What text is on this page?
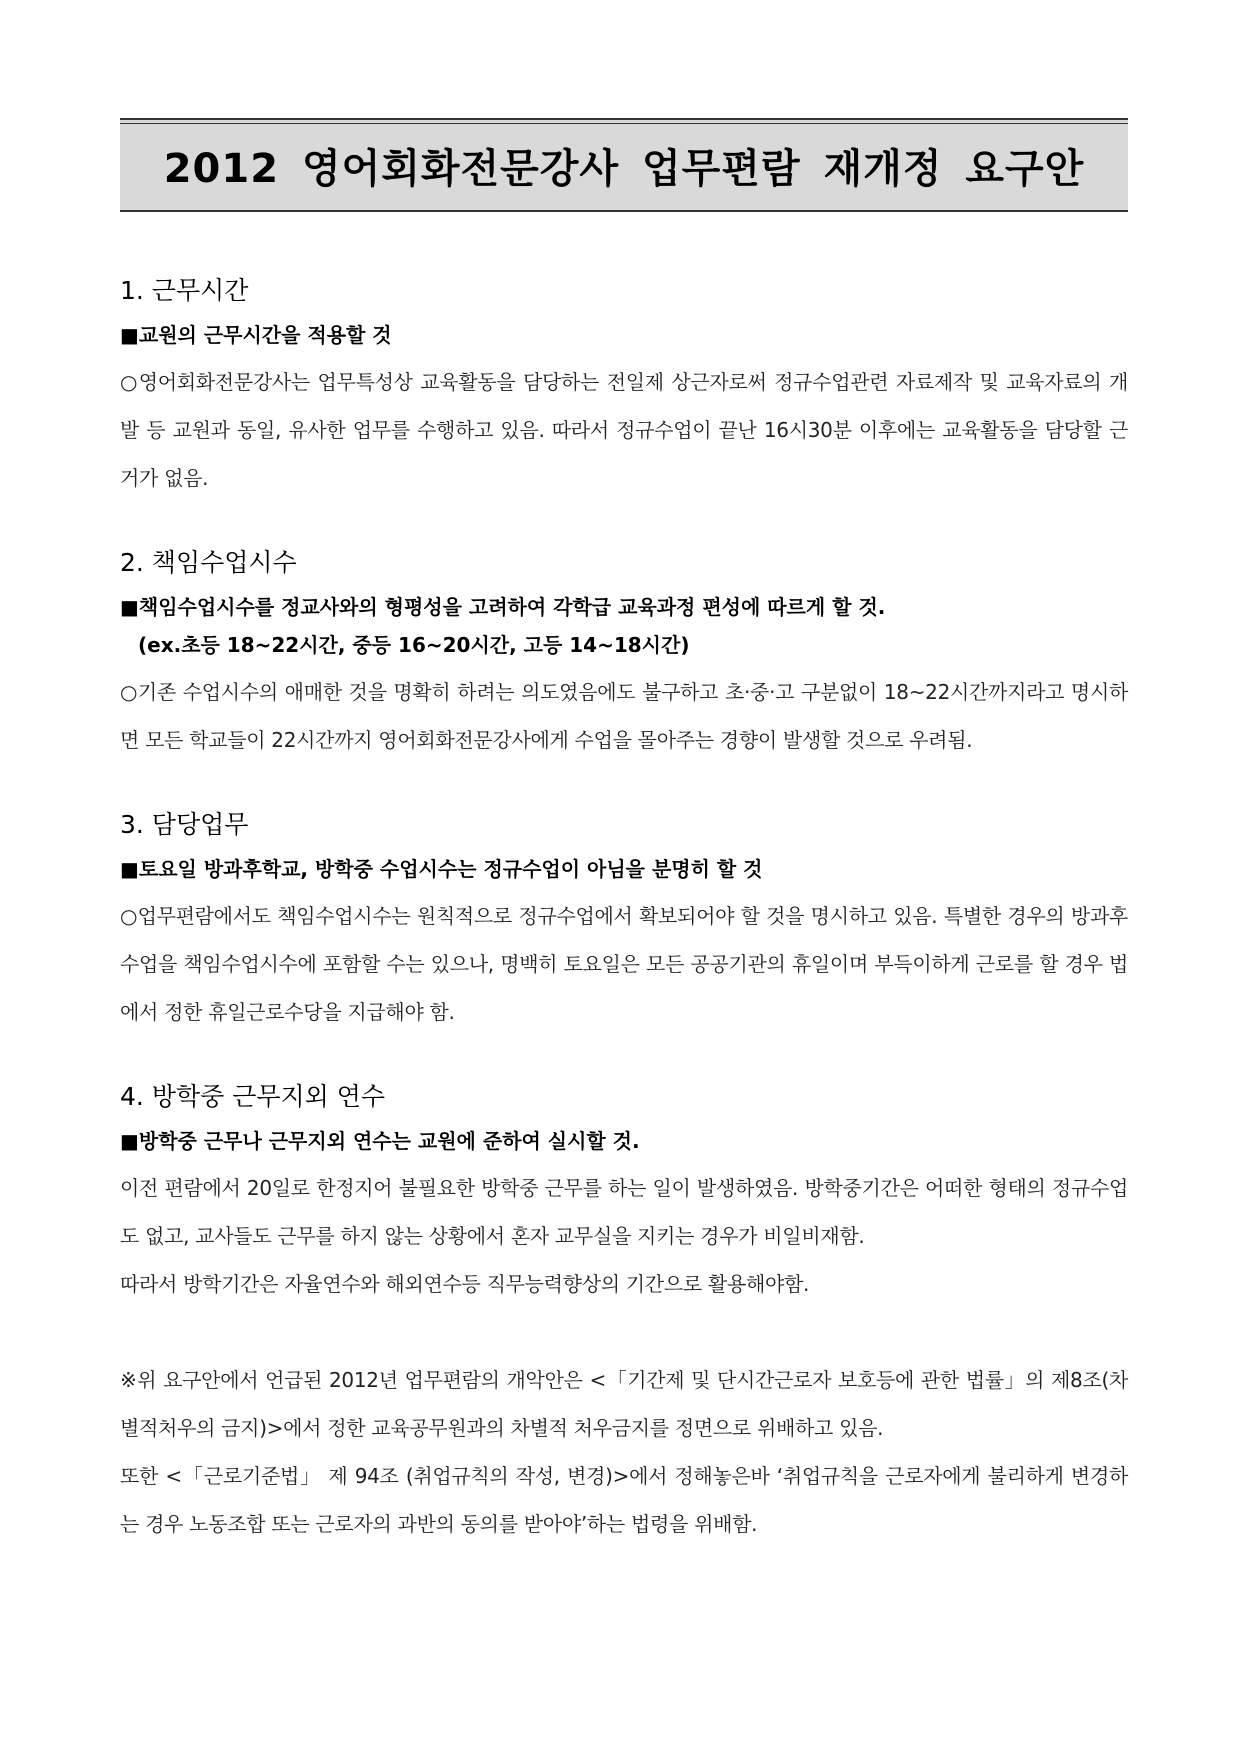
2012 영어회화전문강사 업무편람 재개정 요구안
1. 근무시간
■교원의 근무시간을 적용할 것

○영어회화전문강사는 업무특성상 교육활동을 담당하는 전일제 상근자로써 정규수업관련 자료제작 및 교육자료의 개발 등 교원과 동일, 유사한 업무를 수행하고 있음. 따라서 정규수업이 끝난 16시30분 이후에는 교육활동을 담당할 근거가 없음.

2. 책임수업시수
■책임수업시수를 정교사와의 형평성을 고려하여 각학급 교육과정 편성에 따르게 할 것.
(ex.초등 18~22시간, 중등 16~20시간, 고등 14~18시간)

○기존 수업시수의 애매한 것을 명확히 하려는 의도였음에도 불구하고 초·중·고 구분없이 18~22시간까지라고 명시하면 모든 학교들이 22시간까지 영어회화전문강사에게 수업을 몰아주는 경향이 발생할 것으로 우려됨.

3. 담당업무
■토요일 방과후학교, 방학중 수업시수는 정규수업이 아님을 분명히 할 것

○업무편람에서도 책임수업시수는 원칙적으로 정규수업에서 확보되어야 할 것을 명시하고 있음. 특별한 경우의 방과후 수업을 책임수업시수에 포함할 수는 있으나, 명백히 토요일은 모든 공공기관의 휴일이며 부득이하게 근로를 할 경우 법에서 정한 휴일근로수당을 지급해야 함.

4. 방학중 근무지외 연수
■방학중 근무나 근무지외 연수는 교원에 준하여 실시할 것.

이전 편람에서 20일로 한정지어 불필요한 방학중 근무를 하는 일이 발생하였음. 방학중기간은 어떠한 형태의 정규수업도 없고, 교사들도 근무를 하지 않는 상황에서 혼자 교무실을 지키는 경우가 비일비재함.

따라서 방학기간은 자율연수와 해외연수등 직무능력향상의 기간으로 활용해야함.

※위 요구안에서 언급된 2012년 업무편람의 개악안은 <「기간제 및 단시간근로자 보호등에 관한 법률」의 제8조(차별적처우의 금지)>에서 정한 교육공무원과의 차별적 처우금지를 정면으로 위배하고 있음.

또한 <「근로기준법」 제 94조 (취업규칙의 작성, 변경)>에서 정해놓은바 ‘취업규칙을 근로자에게 불리하게 변경하는 경우 노동조합 또는 근로자의 과반의 동의를 받아야’하는 법령을 위배함.
